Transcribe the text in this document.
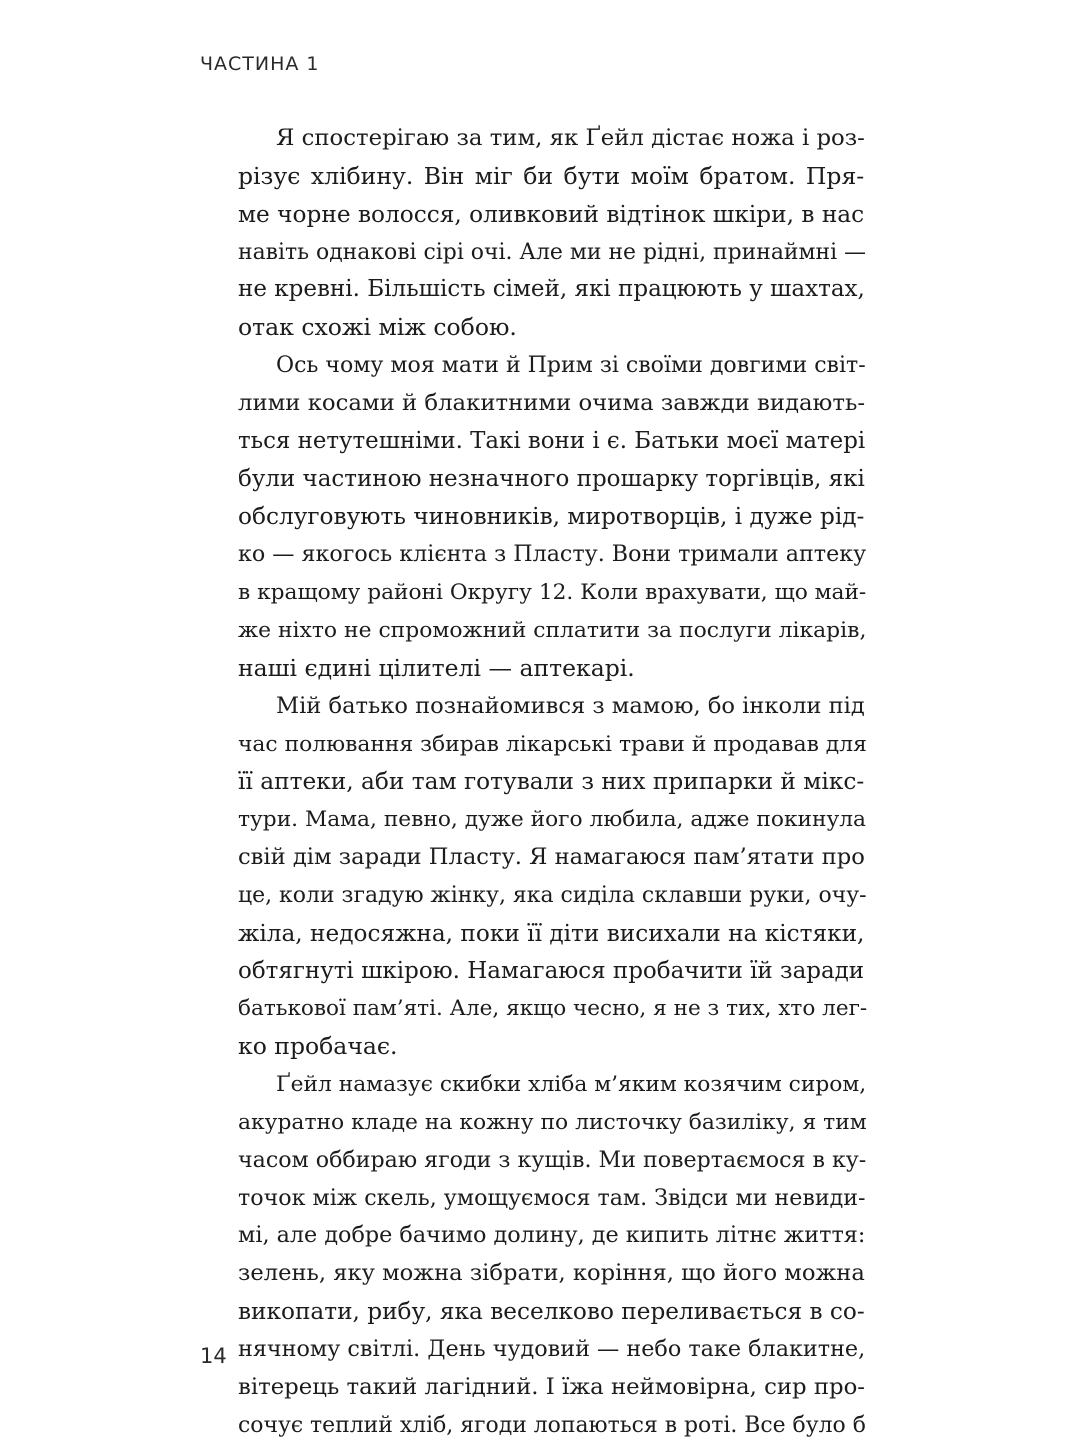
ЧАСТИНА 1
Я спостерігаю за тим, як Ґейл дістає ножа і роз-
різує хлібину. Він міг би бути моїм братом. Пря-
ме чорне волосся, оливковий відтінок шкіри, в нас
навіть однакові сірі очі. Але ми не рідні, принаймні —
не кревні. Більшість сімей, які працюють у шахтах,
отак схожі між собою.
Ось чому моя мати й Прим зі своїми довгими світ-
лими косами й блакитними очима завжди видають-
ться нетутешніми. Такі вони і є. Батьки моєї матері
були частиною незначного прошарку торгівців, які
обслуговують чиновників, миротворців, і дуже рід-
ко — якогось клієнта з Пласту. Вони тримали аптеку
в кращому районі Округу 12. Коли врахувати, що май-
же ніхто не спроможний сплатити за послуги лікарів,
наші єдині цілителі — аптекарі.
Мій батько познайомився з мамою, бо інколи під
час полювання збирав лікарські трави й продавав для
її аптеки, аби там готували з них припарки й мікс-
тури. Мама, певно, дуже його любила, адже покинула
свій дім заради Пласту. Я намагаюся пам’ятати про
це, коли згадую жінку, яка сиділа склавши руки, очу-
жіла, недосяжна, поки її діти висихали на кістяки,
обтягнуті шкірою. Намагаюся пробачити їй заради
батькової пам’яті. Але, якщо чесно, я не з тих, хто лег-
ко пробачає.
Ґейл намазує скибки хліба м’яким козячим сиром,
акуратно кладе на кожну по листочку базиліку, я тим
часом оббираю ягоди з кущів. Ми повертаємося в ку-
точок між скель, умощуємося там. Звідси ми невиди-
мі, але добре бачимо долину, де кипить літнє життя:
зелень, яку можна зібрати, коріння, що його можна
викопати, рибу, яка веселково переливається в со-
нячному світлі. День чудовий — небо таке блакитне,
вітерець такий лагідний. І їжа неймовірна, сир про-
сочує теплий хліб, ягоди лопаються в роті. Все було б
14
